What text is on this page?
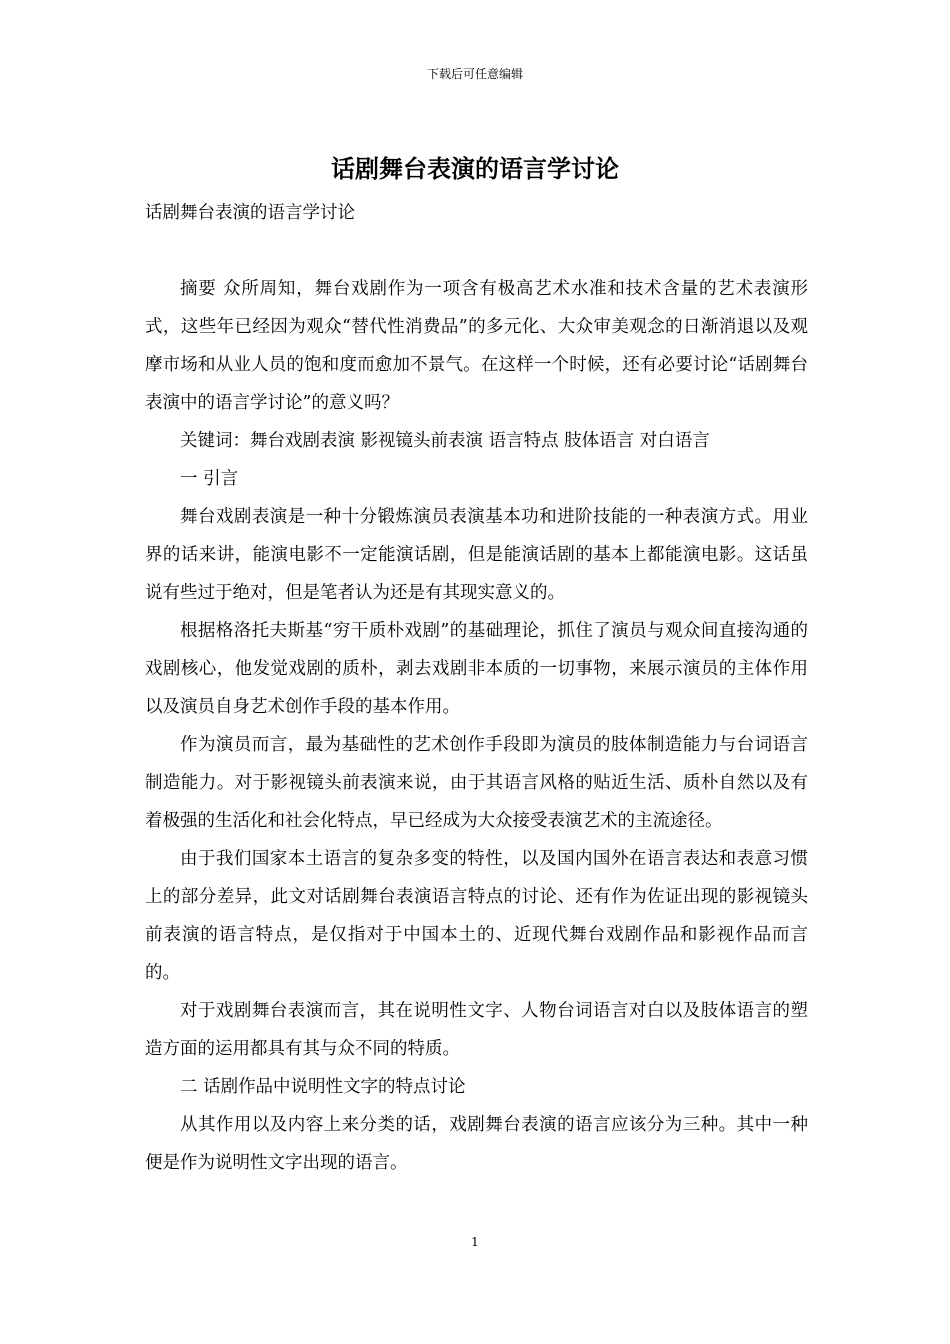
下载后可任意编辑
话剧舞台表演的语言学讨论

话剧舞台表演的语言学讨论

摘要 众所周知，舞台戏剧作为一项含有极高艺术水准和技术含量的艺术表演形式，这些年已经因为观众“替代性消费品”的多元化、大众审美观念的日渐消退以及观摩市场和从业人员的饱和度而愈加不景气。在这样一个时候，还有必要讨论“话剧舞台表演中的语言学讨论”的意义吗？

关键词：舞台戏剧表演 影视镜头前表演 语言特点 肢体语言 对白语言

一 引言

舞台戏剧表演是一种十分锻炼演员表演基本功和进阶技能的一种表演方式。用业界的话来讲，能演电影不一定能演话剧，但是能演话剧的基本上都能演电影。这话虽说有些过于绝对，但是笔者认为还是有其现实意义的。

根据格洛托夫斯基“穷干质朴戏剧”的基础理论，抓住了演员与观众间直接沟通的戏剧核心，他发觉戏剧的质朴，剥去戏剧非本质的一切事物，来展示演员的主体作用以及演员自身艺术创作手段的基本作用。

作为演员而言，最为基础性的艺术创作手段即为演员的肢体制造能力与台词语言制造能力。对于影视镜头前表演来说，由于其语言风格的贴近生活、质朴自然以及有着极强的生活化和社会化特点，早已经成为大众接受表演艺术的主流途径。

由于我们国家本土语言的复杂多变的特性，以及国内国外在语言表达和表意习惯上的部分差异，此文对话剧舞台表演语言特点的讨论、还有作为佐证出现的影视镜头前表演的语言特点，是仅指对于中国本土的、近现代舞台戏剧作品和影视作品而言的。

对于戏剧舞台表演而言，其在说明性文字、人物台词语言对白以及肢体语言的塑造方面的运用都具有其与众不同的特质。

二 话剧作品中说明性文字的特点讨论

从其作用以及内容上来分类的话，戏剧舞台表演的语言应该分为三种。其中一种便是作为说明性文字出现的语言。

1
